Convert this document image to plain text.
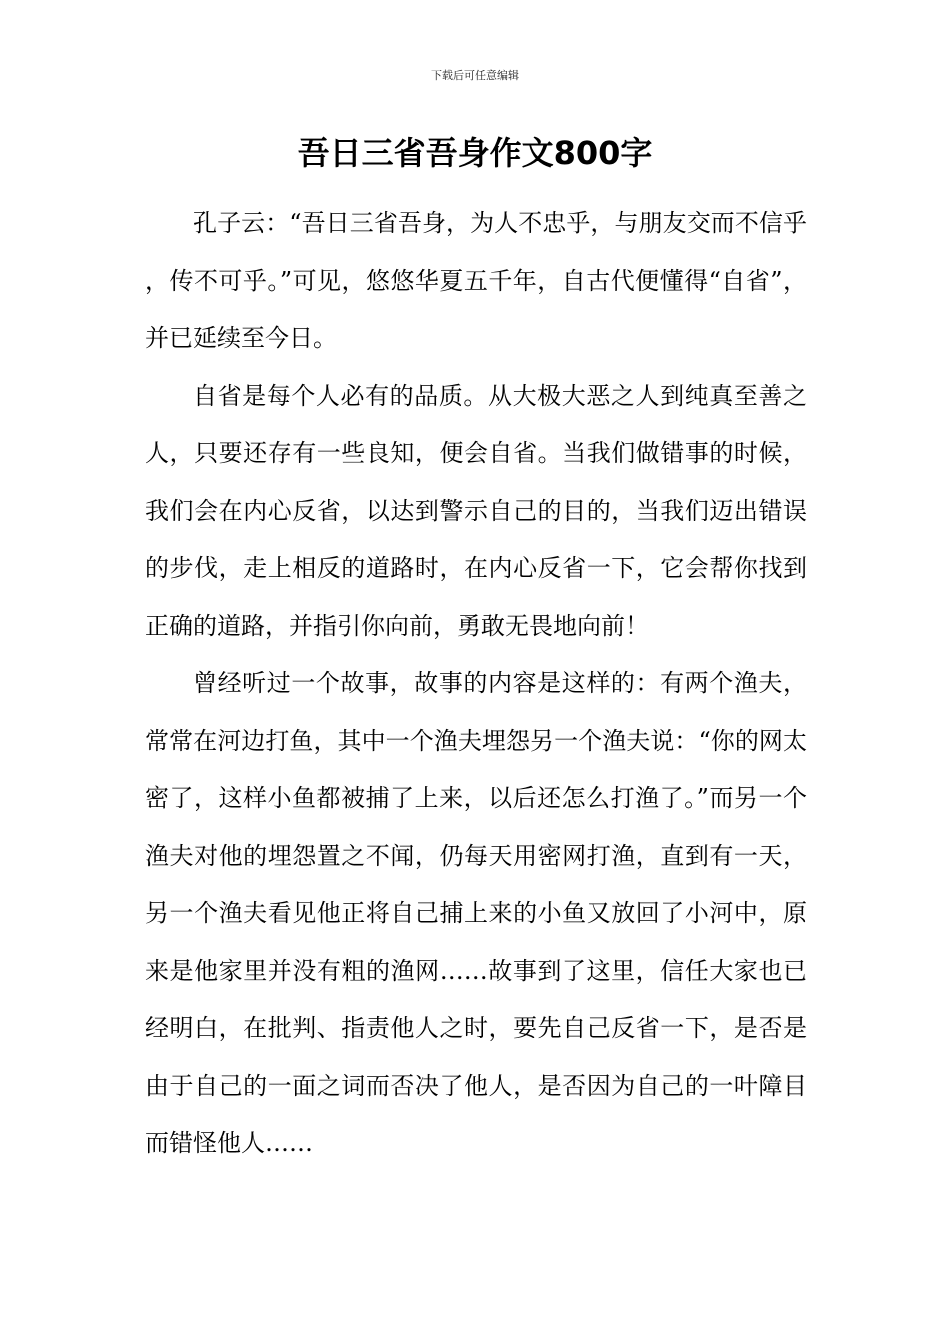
下载后可任意编辑
吾日三省吾身作文800字

孔子云：“吾日三省吾身，为人不忠乎，与朋友交而不信乎，传不可乎。”可见，悠悠华夏五千年，自古代便懂得“自省”，并已延续至今日。

自省是每个人必有的品质。从大极大恶之人到纯真至善之人，只要还存有一些良知，便会自省。当我们做错事的时候，我们会在内心反省，以达到警示自己的目的，当我们迈出错误的步伐，走上相反的道路时，在内心反省一下，它会帮你找到正确的道路，并指引你向前，勇敢无畏地向前！

曾经听过一个故事，故事的内容是这样的：有两个渔夫，常常在河边打鱼，其中一个渔夫埋怨另一个渔夫说：“你的网太密了，这样小鱼都被捕了上来，以后还怎么打渔了。”而另一个渔夫对他的埋怨置之不闻，仍每天用密网打渔，直到有一天，另一个渔夫看见他正将自己捕上来的小鱼又放回了小河中，原来是他家里并没有粗的渔网……故事到了这里，信任大家也已经明白，在批判、指责他人之时，要先自己反省一下，是否是由于自己的一面之词而否决了他人，是否因为自己的一叶障目而错怪他人……
